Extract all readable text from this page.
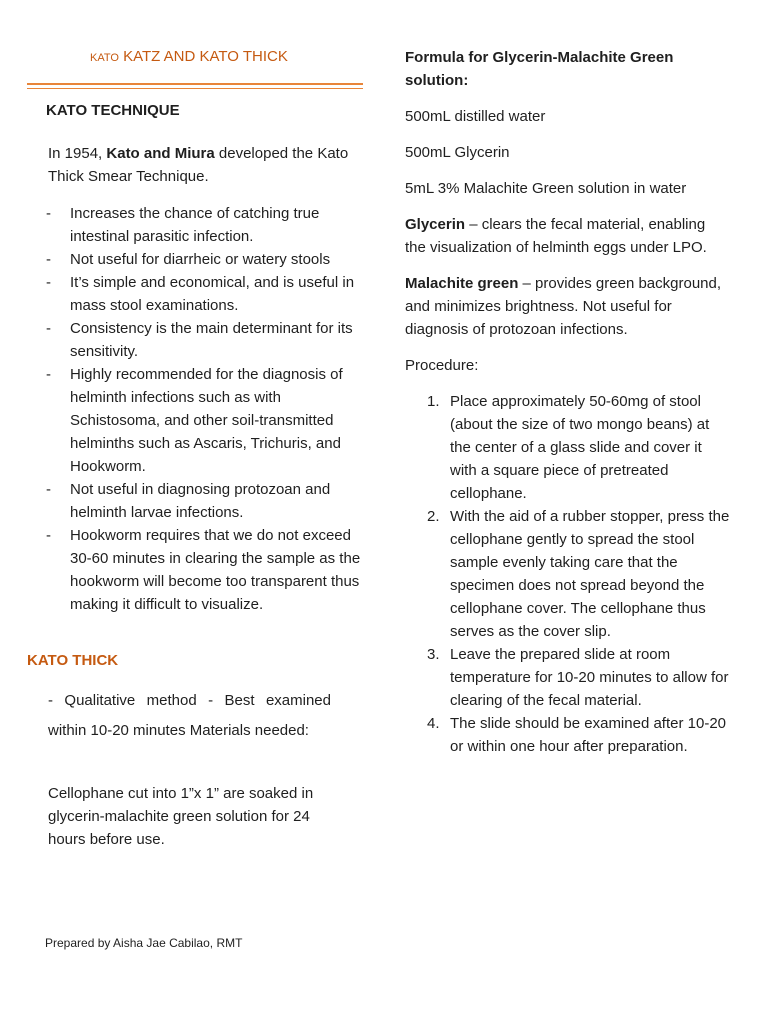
KATO KATZ AND KATO THICK
KATO TECHNIQUE

In 1954, Kato and Miura developed the Kato Thick Smear Technique.

- Increases the chance of catching true intestinal parasitic infection.
- Not useful for diarrheic or watery stools
- It’s simple and economical, and is useful in mass stool examinations.
- Consistency is the main determinant for its sensitivity.
- Highly recommended for the diagnosis of helminth infections such as with Schistosoma, and other soil-transmitted helminths such as Ascaris, Trichuris, and Hookworm.
- Not useful in diagnosing protozoan and helminth larvae infections.
- Hookworm requires that we do not exceed 30-60 minutes in clearing the sample as the hookworm will become too transparent thus making it difficult to visualize.
KATO THICK

- Qualitative method - Best examined within 10-20 minutes Materials needed:

Cellophane cut into 1”x 1” are soaked in glycerin-malachite green solution for 24 hours before use.

Formula for Glycerin-Malachite Green solution:

500mL distilled water

500mL Glycerin

5mL 3% Malachite Green solution in water

Glycerin – clears the fecal material, enabling the visualization of helminth eggs under LPO.

Malachite green – provides green background, and minimizes brightness. Not useful for diagnosis of protozoan infections.

Procedure:

1. Place approximately 50-60mg of stool (about the size of two mongo beans) at the center of a glass slide and cover it with a square piece of pretreated cellophane.
2. With the aid of a rubber stopper, press the cellophane gently to spread the stool sample evenly taking care that the specimen does not spread beyond the cellophane cover. The cellophane thus serves as the cover slip.
3. Leave the prepared slide at room temperature for 10-20 minutes to allow for clearing of the fecal material.
4. The slide should be examined after 10-20 or within one hour after preparation.
Prepared by Aisha Jae Cabilao, RMT
